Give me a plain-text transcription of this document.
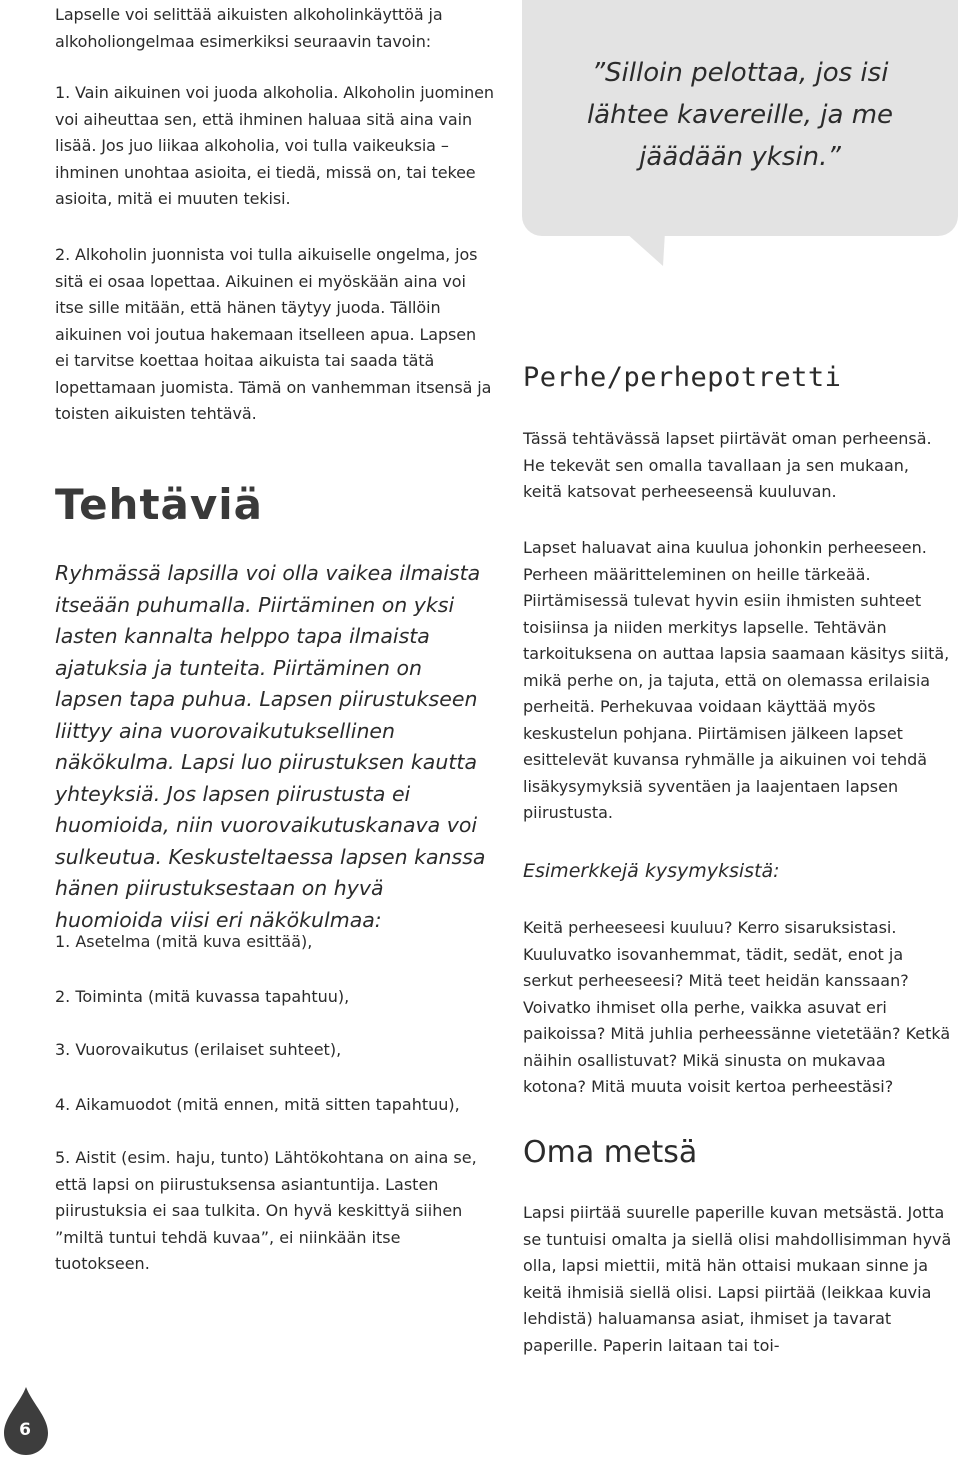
Lapselle voi selittää aikuisten alkoholinkäyttöä ja alkoholiongelmaa esimerkiksi seuraavin tavoin:

1. Vain aikuinen voi juoda alkoholia. Alkoholin juominen voi aiheuttaa sen, että ihminen haluaa sitä aina vain lisää. Jos juo liikaa alkoholia, voi tulla vaikeuksia – ihminen unohtaa asioita, ei tiedä, missä on, tai tekee asioita, mitä ei muuten tekisi.

2. Alkoholin juonnista voi tulla aikuiselle ongelma, jos sitä ei osaa lopettaa. Aikuinen ei myöskään aina voi itse sille mitään, että hänen täytyy juoda. Tällöin aikuinen voi joutua hakemaan itselleen apua. Lapsen ei tarvitse koettaa hoitaa aikuista tai saada tätä lopettamaan juomista. Tämä on vanhemman itsensä ja toisten aikuisten tehtävä.

Tehtäviä

Ryhmässä lapsilla voi olla vaikea ilmaista itseään puhumalla. Piirtäminen on yksi lasten kannalta helppo tapa ilmaista ajatuksia ja tunteita. Piirtäminen on lapsen tapa puhua. Lapsen piirustukseen liittyy aina vuorovaikutuksellinen näkökulma. Lapsi luo piirustuksen kautta yhteyksiä. Jos lapsen piirustusta ei huomioida, niin vuorovaikutuskanava voi sulkeutua. Keskusteltaessa lapsen kanssa hänen piirustuksestaan on hyvä huomioida viisi eri näkökulmaa:

1. Asetelma (mitä kuva esittää),

2. Toiminta (mitä kuvassa tapahtuu),

3. Vuorovaikutus (erilaiset suhteet),

4. Aikamuodot (mitä ennen, mitä sitten tapahtuu),

5. Aistit (esim. haju, tunto) Lähtökohtana on aina se, että lapsi on piirustuksensa asiantuntija. Lasten piirustuksia ei saa tulkita. On hyvä keskittyä siihen ”miltä tuntui tehdä kuvaa”, ei niinkään itse tuotokseen.

”Silloin pelottaa, jos isi lähtee kavereille, ja me jäädään yksin.”

Perhe/perhepotretti

Tässä tehtävässä lapset piirtävät oman perheensä. He tekevät sen omalla tavallaan ja sen mukaan, keitä katsovat perheeseensä kuuluvan.

Lapset haluavat aina kuulua johonkin perheeseen. Perheen määritteleminen on heille tärkeää. Piirtämisessä tulevat hyvin esiin ihmisten suhteet toisiinsa ja niiden merkitys lapselle. Tehtävän tarkoituksena on auttaa lapsia saamaan käsitys siitä, mikä perhe on, ja tajuta, että on olemassa erilaisia perheitä. Perhekuvaa voidaan käyttää myös keskustelun pohjana. Piirtämisen jälkeen lapset esittelevät kuvansa ryhmälle ja aikuinen voi tehdä lisäkysymyksiä syventäen ja laajentaen lapsen piirustusta.

Esimerkkejä kysymyksistä:

Keitä perheeseesi kuuluu? Kerro sisaruksistasi. Kuuluvatko isovanhemmat, tädit, sedät, enot ja serkut perheeseesi? Mitä teet heidän kanssaan? Voivatko ihmiset olla perhe, vaikka asuvat eri paikoissa? Mitä juhlia perheessänne vietetään? Ketkä näihin osallistuvat? Mikä sinusta on mukavaa kotona? Mitä muuta voisit kertoa perheestäsi?

Oma metsä

Lapsi piirtää suurelle paperille kuvan metsästä. Jotta se tuntuisi omalta ja siellä olisi mahdollisimman hyvä olla, lapsi miettii, mitä hän ottaisi mukaan sinne ja keitä ihmisiä siellä olisi. Lapsi piirtää (leikkaa kuvia lehdistä) haluamansa asiat, ihmiset ja tavarat paperille. Paperin laitaan tai toi-

6
